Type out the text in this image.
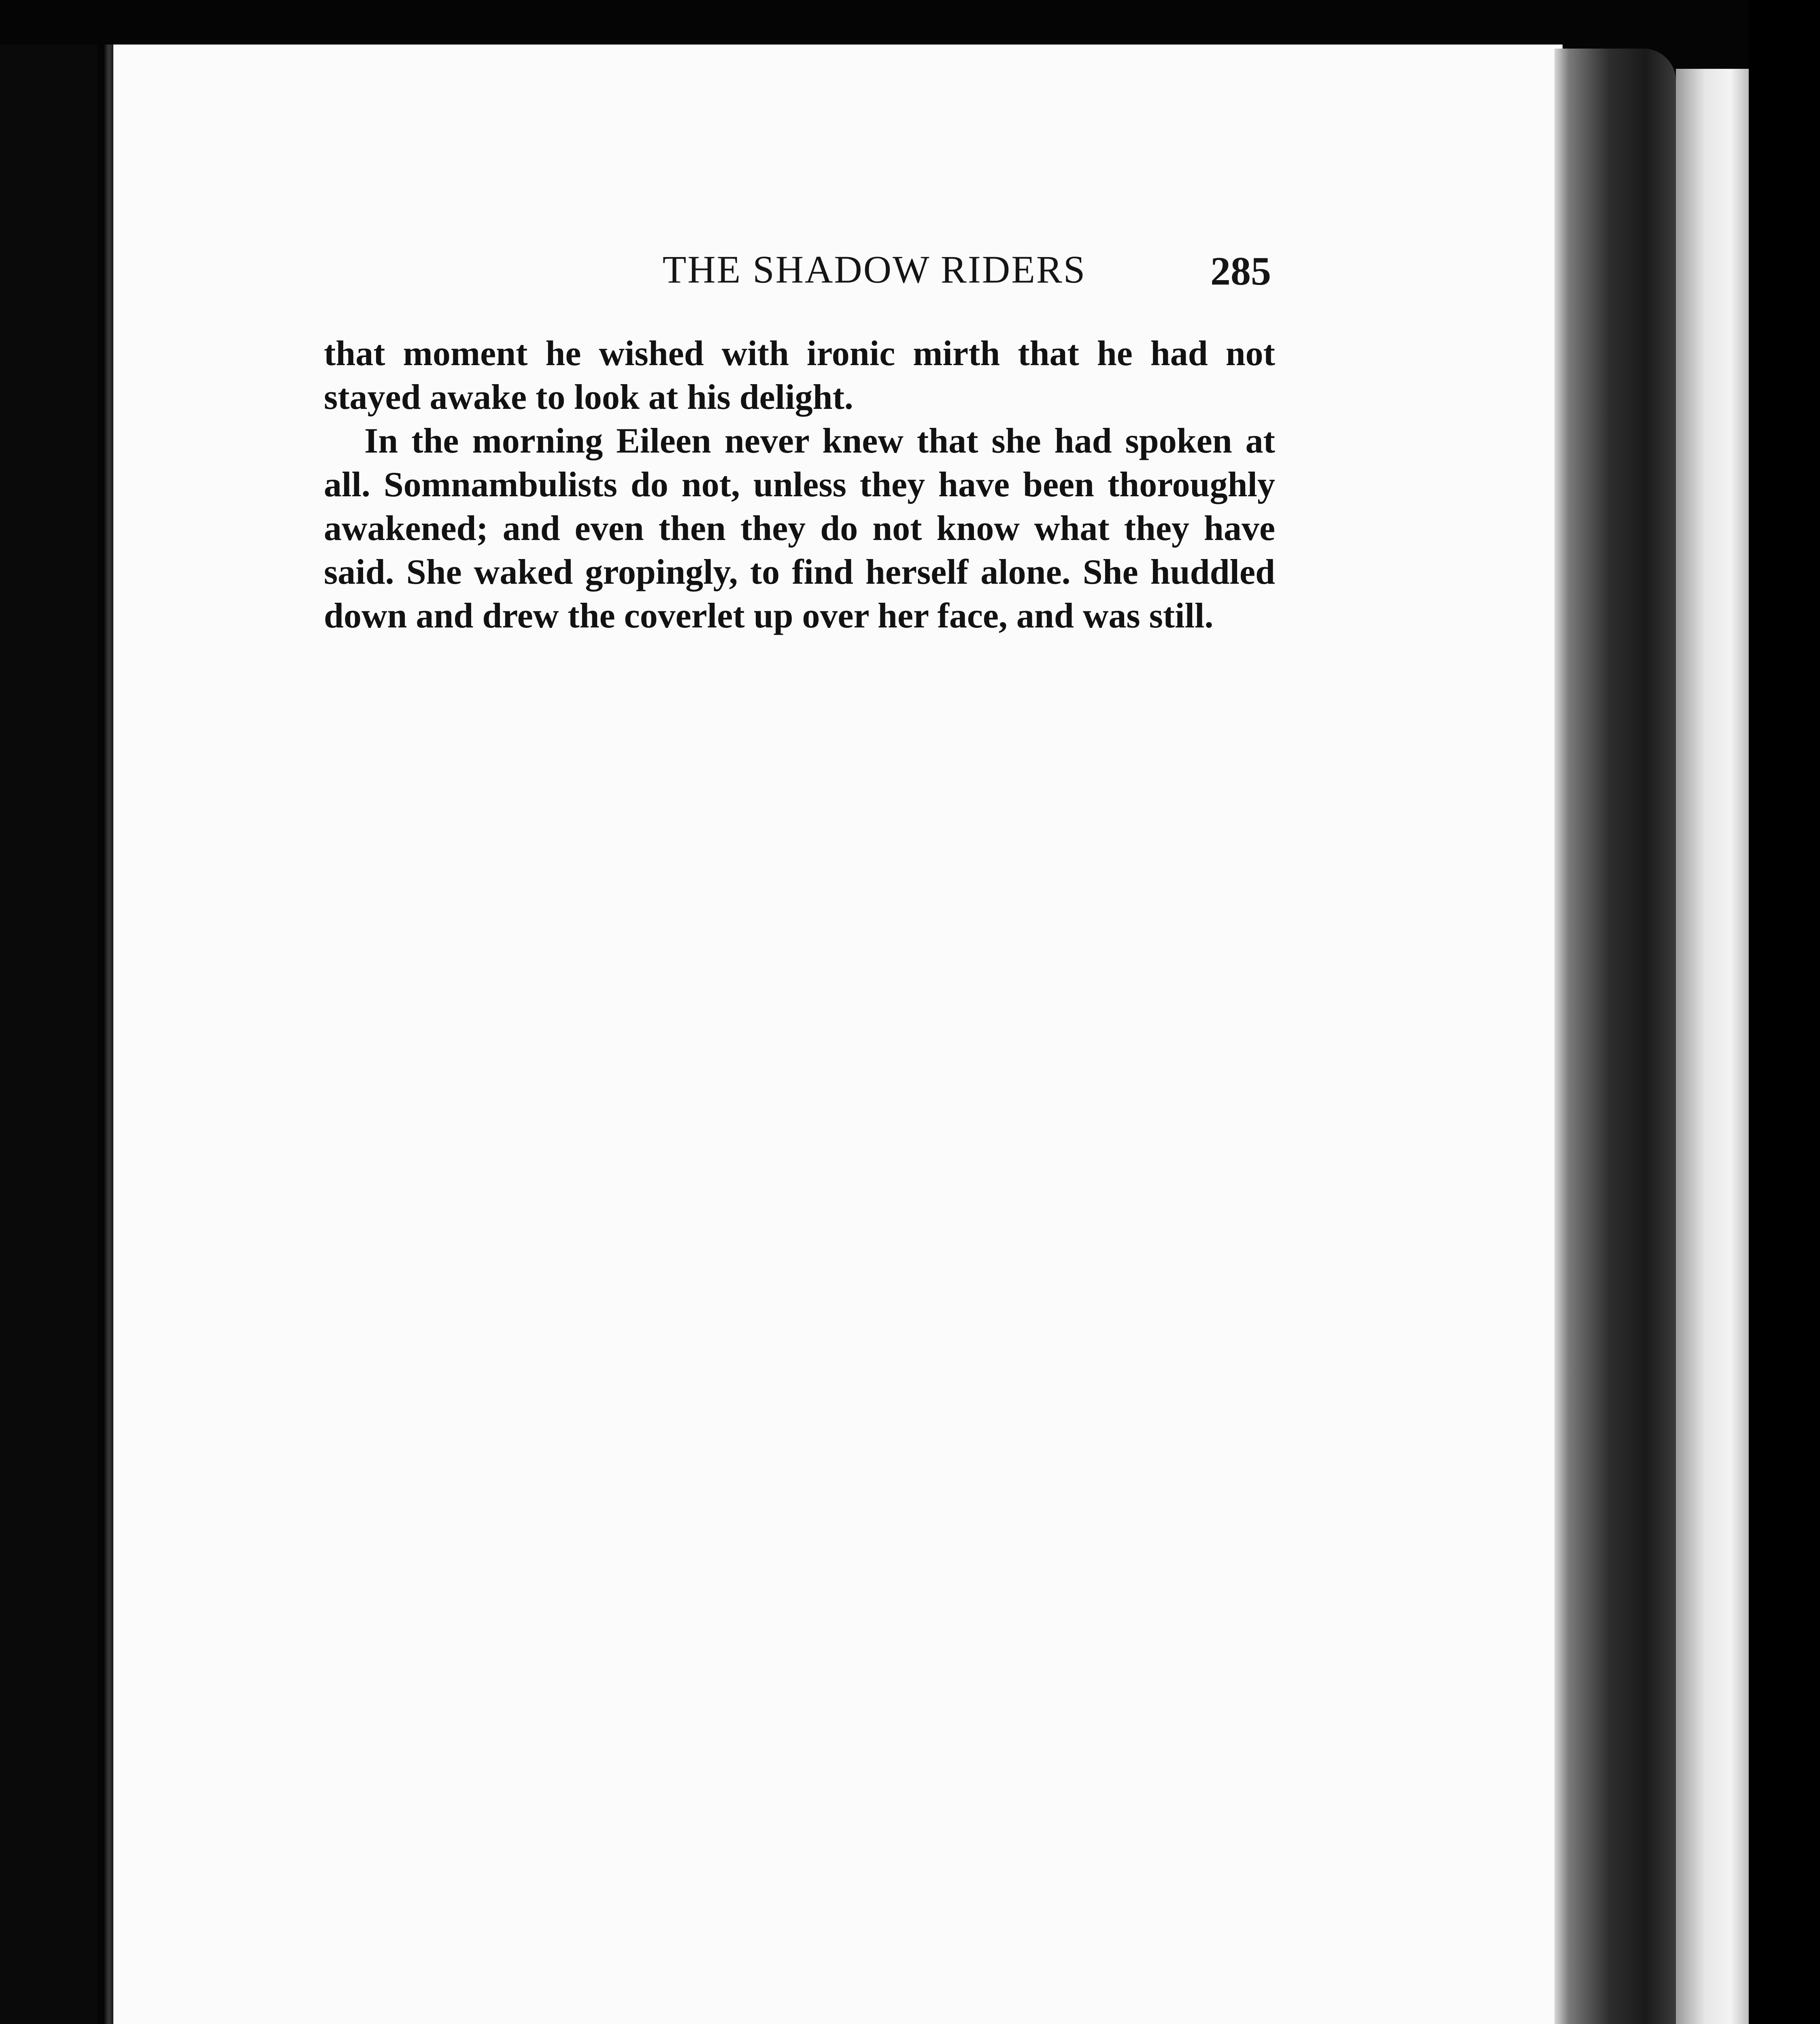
THE SHADOW RIDERS	285

that moment he wished with ironic mirth that he had not stayed awake to look at his delight.

In the morning Eileen never knew that she had spoken at all. Somnambulists do not, unless they have been thoroughly awakened; and even then they do not know what they have said. She waked gropingly, to find herself alone. She huddled down and drew the coverlet up over her face, and was still.
